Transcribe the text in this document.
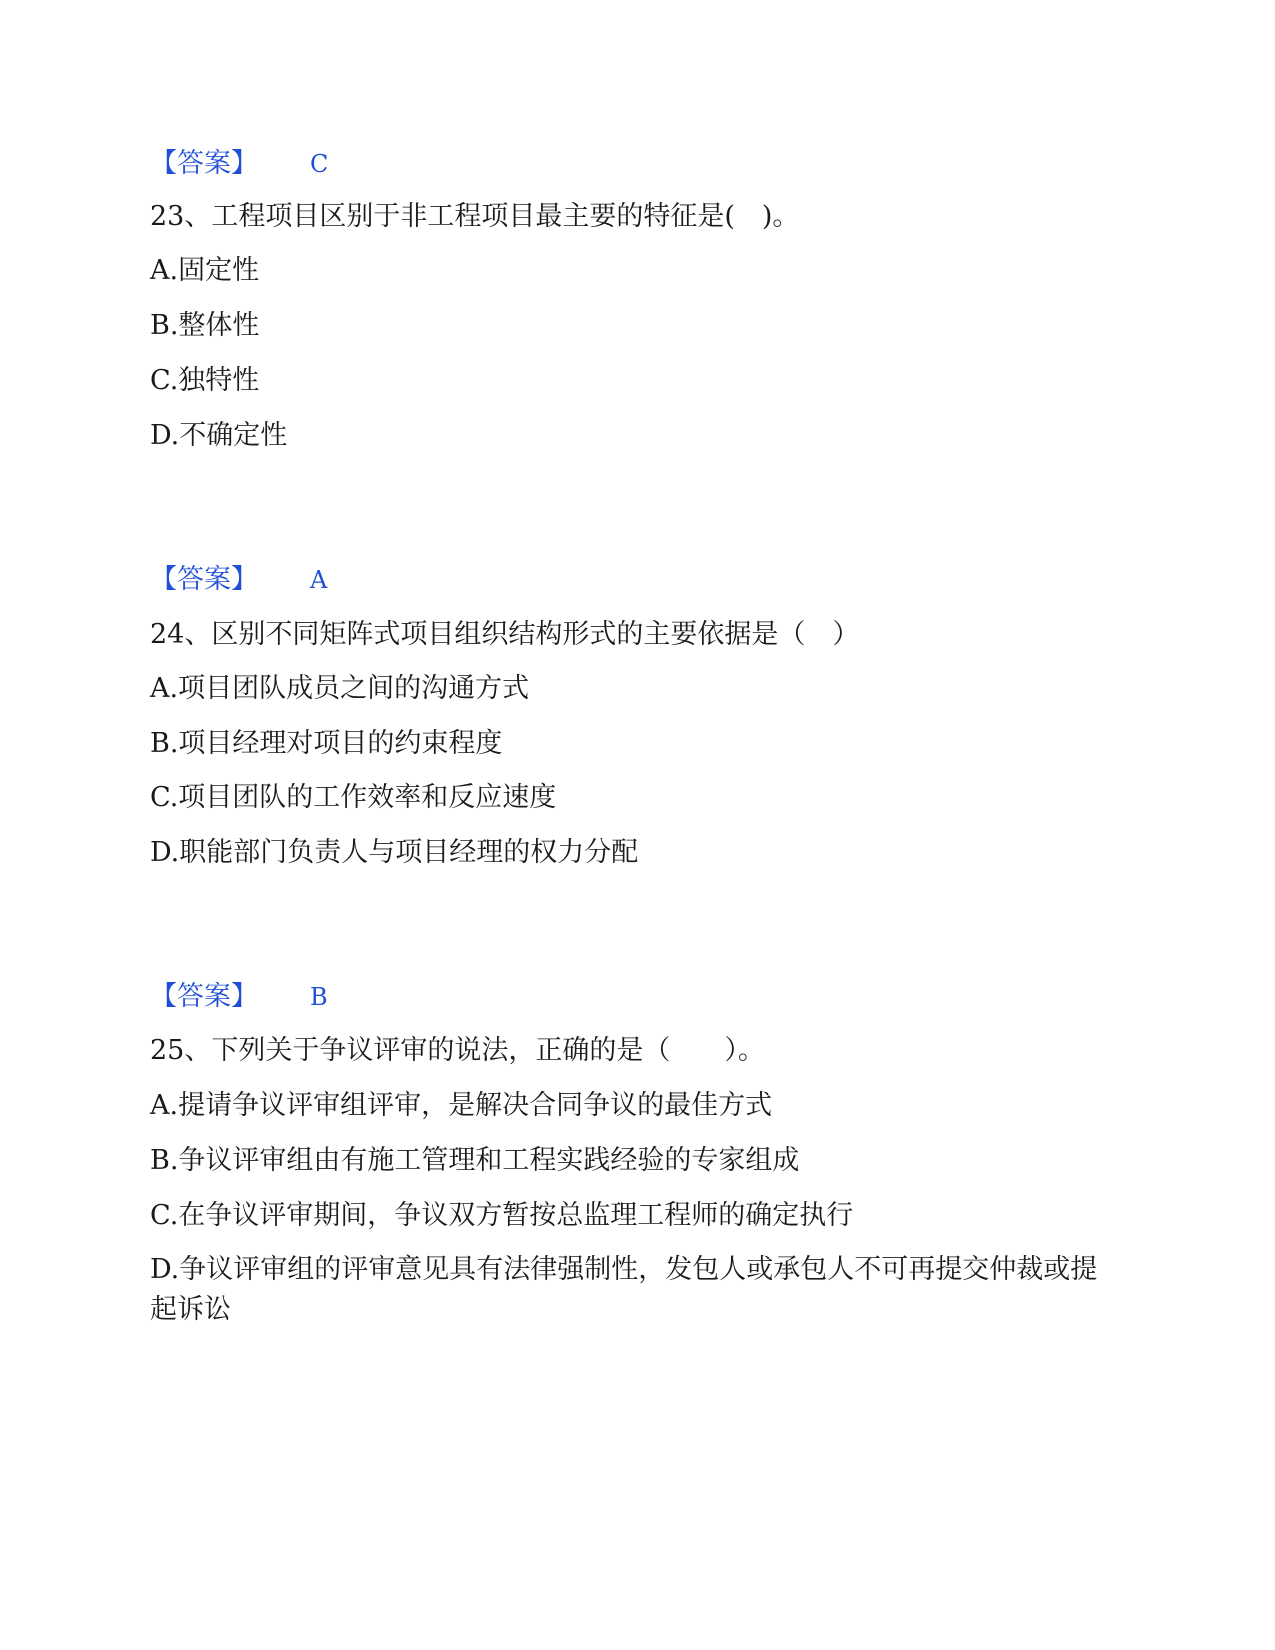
【答案】 C
23、工程项目区别于非工程项目最主要的特征是(　)。
A.固定性
B.整体性
C.独特性
D.不确定性
【答案】 A
24、区别不同矩阵式项目组织结构形式的主要依据是（　）
A.项目团队成员之间的沟通方式
B.项目经理对项目的约束程度
C.项目团队的工作效率和反应速度
D.职能部门负责人与项目经理的权力分配
【答案】 B
25、下列关于争议评审的说法，正确的是（　　）。
A.提请争议评审组评审，是解决合同争议的最佳方式
B.争议评审组由有施工管理和工程实践经验的专家组成
C.在争议评审期间，争议双方暂按总监理工程师的确定执行
D.争议评审组的评审意见具有法律强制性，发包人或承包人不可再提交仲裁或提起诉讼
